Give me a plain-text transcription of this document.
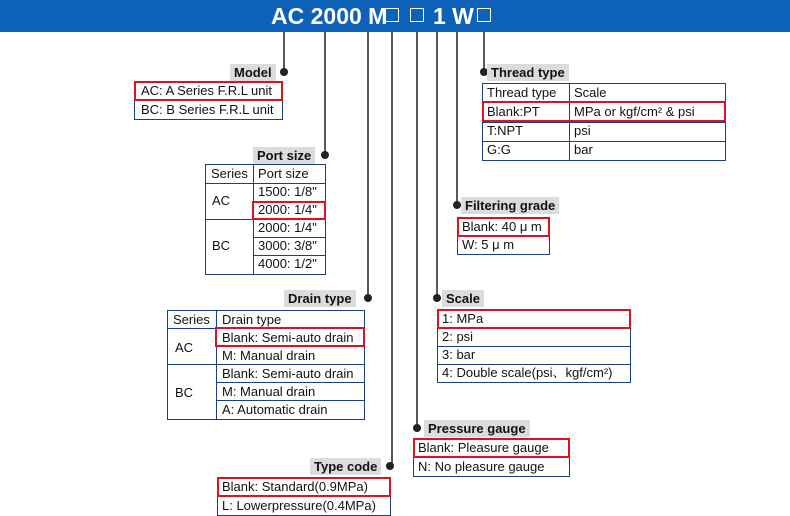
AC 2000 M 1 W
Model
AC: A Series F.R.L unit
BC: B Series F.R.L unit
Port size
Series Port size
AC
1500: 1/8"
2000: 1/4"
BC
2000: 1/4"
3000: 3/8"
4000: 1/2"
Drain type
Series Drain type
AC
Blank: Semi-auto drain
M: Manual drain
BC
Blank: Semi-auto drain
M: Manual drain
A: Automatic drain
Type code
Blank: Standard(0.9MPa)
L: Lowerpressure(0.4MPa)
Thread type
Thread type Scale
Blank:PT	MPa or kgf/cm² & psi
T:NPT	psi
G:G	bar
Filtering grade
Blank: 40 μ m
W: 5 μ m
Scale
1: MPa
2: psi
3: bar
4: Double scale(psi、kgf/cm²)
Pressure gauge
Blank: Pleasure gauge
N: No pleasure gauge
